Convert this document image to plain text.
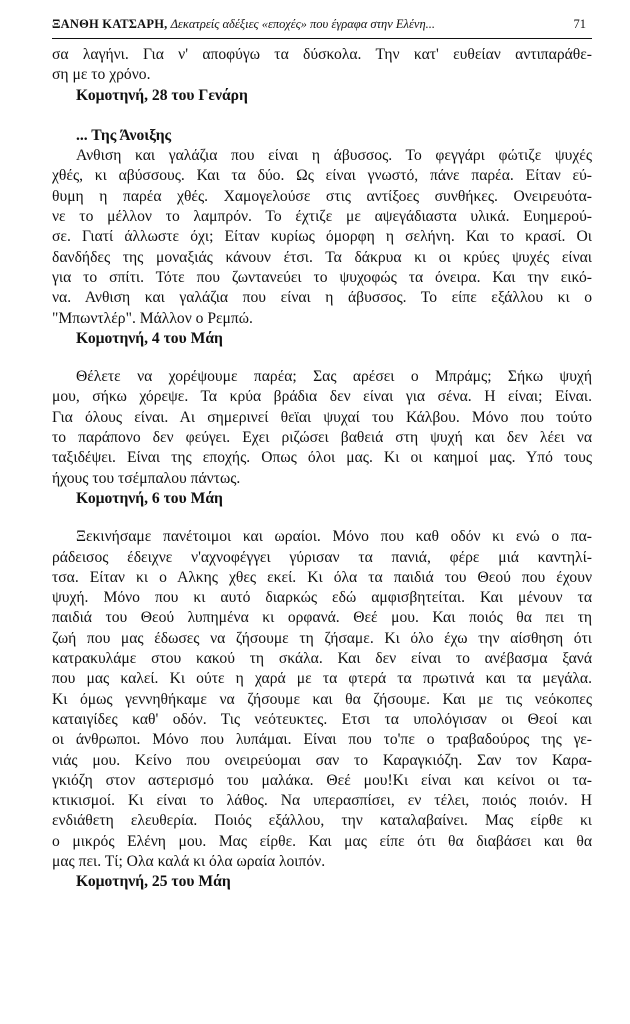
ΞΑΝΘΗ ΚΑΤΣΑΡΗ, Δεκατρείς αδέξιες «εποχές» που έγραφα στην Ελένη...	71
σα λαγήνι. Για ν' αποφύγω τα δύσκολα. Την κατ' ευθείαν αντιπαράθε-
ση με το χρόνο.
Κομοτηνή, 28 του Γενάρη
... Της Άνοιξης
Ανθιση και γαλάζια που είναι η άβυσσος. Το φεγγάρι φώτιζε ψυχές
χθές, κι αβύσσους. Και τα δύο. Ως είναι γνωστό, πάνε παρέα. Είταν εύ-
θυμη η παρέα χθές. Χαμογελούσε στις αντίξοες συνθήκες. Ονειρευότα-
νε το μέλλον το λαμπρόν. Το έχτιζε με αψεγάδιαστα υλικά. Ευημερού-
σε. Γιατί άλλωστε όχι; Είταν κυρίως όμορφη η σελήνη. Και το κρασί. Οι
δανδήδες της μοναξιάς κάνουν έτσι. Τα δάκρυα κι οι κρύες ψυχές είναι
για το σπίτι. Τότε που ζωντανεύει το ψυχοφώς τα όνειρα. Και την εικό-
να. Ανθιση και γαλάζια που είναι η άβυσσος. Το είπε εξάλλου κι ο
"Μπωντλέρ". Μάλλον ο Ρεμπώ.
Κομοτηνή, 4 του Μάη
Θέλετε να χορέψουμε παρέα; Σας αρέσει ο Μπράμς; Σήκω ψυχή
μου, σήκω χόρεψε. Τα κρύα βράδια δεν είναι για σένα. Η είναι; Είναι.
Για όλους είναι. Αι σημερινεί θεϊαι ψυχαί του Κάλβου. Μόνο που τούτο
το παράπονο δεν φεύγει. Εχει ριζώσει βαθειά στη ψυχή και δεν λέει να
ταξιδέψει. Είναι της εποχής. Οπως όλοι μας. Κι οι καημοί μας. Υπό τους
ήχους του τσέμπαλου πάντως.
Κομοτηνή, 6 του Μάη
Ξεκινήσαμε πανέτοιμοι και ωραίοι. Μόνο που καθ οδόν κι ενώ ο πα-
ράδεισος έδειχνε ν'αχνοφέγγει γύρισαν τα πανιά, φέρε μιά καντηλί-
τσα. Είταν κι ο Αλκης χθες εκεί. Κι όλα τα παιδιά του Θεού που έχουν
ψυχή. Μόνο που κι αυτό διαρκώς εδώ αμφισβητείται. Και μένουν τα
παιδιά του Θεού λυπημένα κι ορφανά. Θεέ μου. Και ποιός θα πει τη
ζωή που μας έδωσες να ζήσουμε τη ζήσαμε. Κι όλο έχω την αίσθηση ότι
κατρακυλάμε στου κακού τη σκάλα. Και δεν είναι το ανέβασμα ξανά
που μας καλεί. Κι ούτε η χαρά με τα φτερά τα πρωτινά και τα μεγάλα.
Κι όμως γεννηθήκαμε να ζήσουμε και θα ζήσουμε. Και με τις νεόκοπες
καταιγίδες καθ' οδόν. Τις νεότευκτες. Ετσι τα υπολόγισαν οι Θεοί και
οι άνθρωποι. Μόνο που λυπάμαι. Είναι που το'πε ο τραβαδούρος της γε-
νιάς μου. Κείνο που ονειρεύομαι σαν το Καραγκιόζη. Σαν τον Καρα-
γκιόζη στον αστερισμό του μαλάκα. Θεέ μου!Κι είναι και κείνοι οι τα-
κτικισμοί. Κι είναι το λάθος. Να υπερασπίσει, εν τέλει, ποιός ποιόν. Η
ενδιάθετη ελευθερία. Ποιός εξάλλου, την καταλαβαίνει. Μας είρθε κι
ο μικρός Ελένη μου. Μας είρθε. Και μας είπε ότι θα διαβάσει και θα
μας πει. Τί; Ολα καλά κι όλα ωραία λοιπόν.
Κομοτηνή, 25 του Μάη
